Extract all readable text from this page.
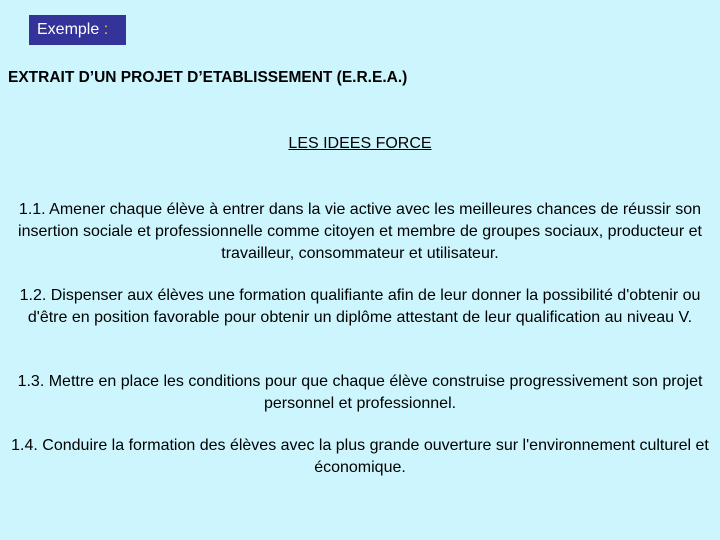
Exemple :
EXTRAIT D’UN PROJET D’ETABLISSEMENT (E.R.E.A.)
LES IDEES FORCE
1.1. Amener chaque élève à entrer dans la vie active avec les meilleures chances de réussir son insertion sociale et professionnelle comme citoyen et membre de groupes sociaux, producteur et travailleur, consommateur et utilisateur.
1.2. Dispenser aux élèves une formation qualifiante afin de leur donner la possibilité d'obtenir ou d'être en position favorable pour obtenir un diplôme attestant de leur qualification au niveau V.
1.3. Mettre en place les conditions pour que chaque élève construise progressivement son projet personnel et professionnel.
1.4. Conduire la formation des élèves avec la plus grande ouverture sur l'environnement culturel et économique.
